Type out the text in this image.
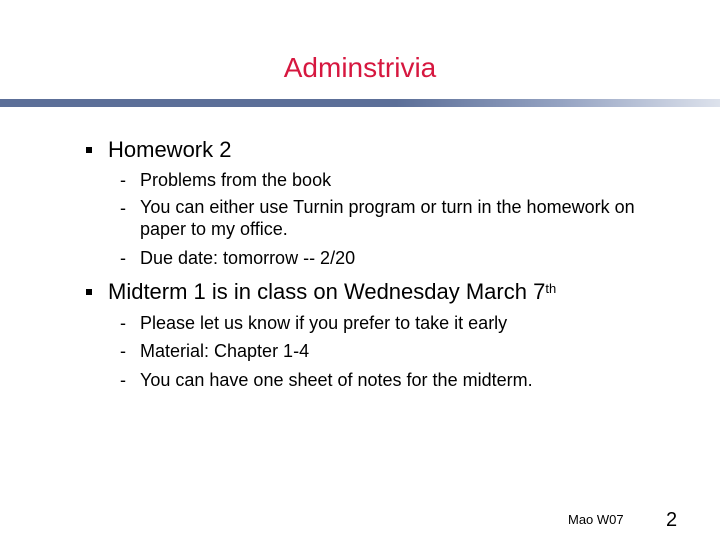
Adminstrivia
Homework 2
- Problems from the book
- You can either use Turnin program or turn in the homework on paper to my office.
- Due date: tomorrow -- 2/20
Midterm 1 is in class on Wednesday March 7th
- Please let us know if you prefer to take it early
- Material: Chapter 1-4
- You can have one sheet of notes for the midterm.
Mao W07 2
